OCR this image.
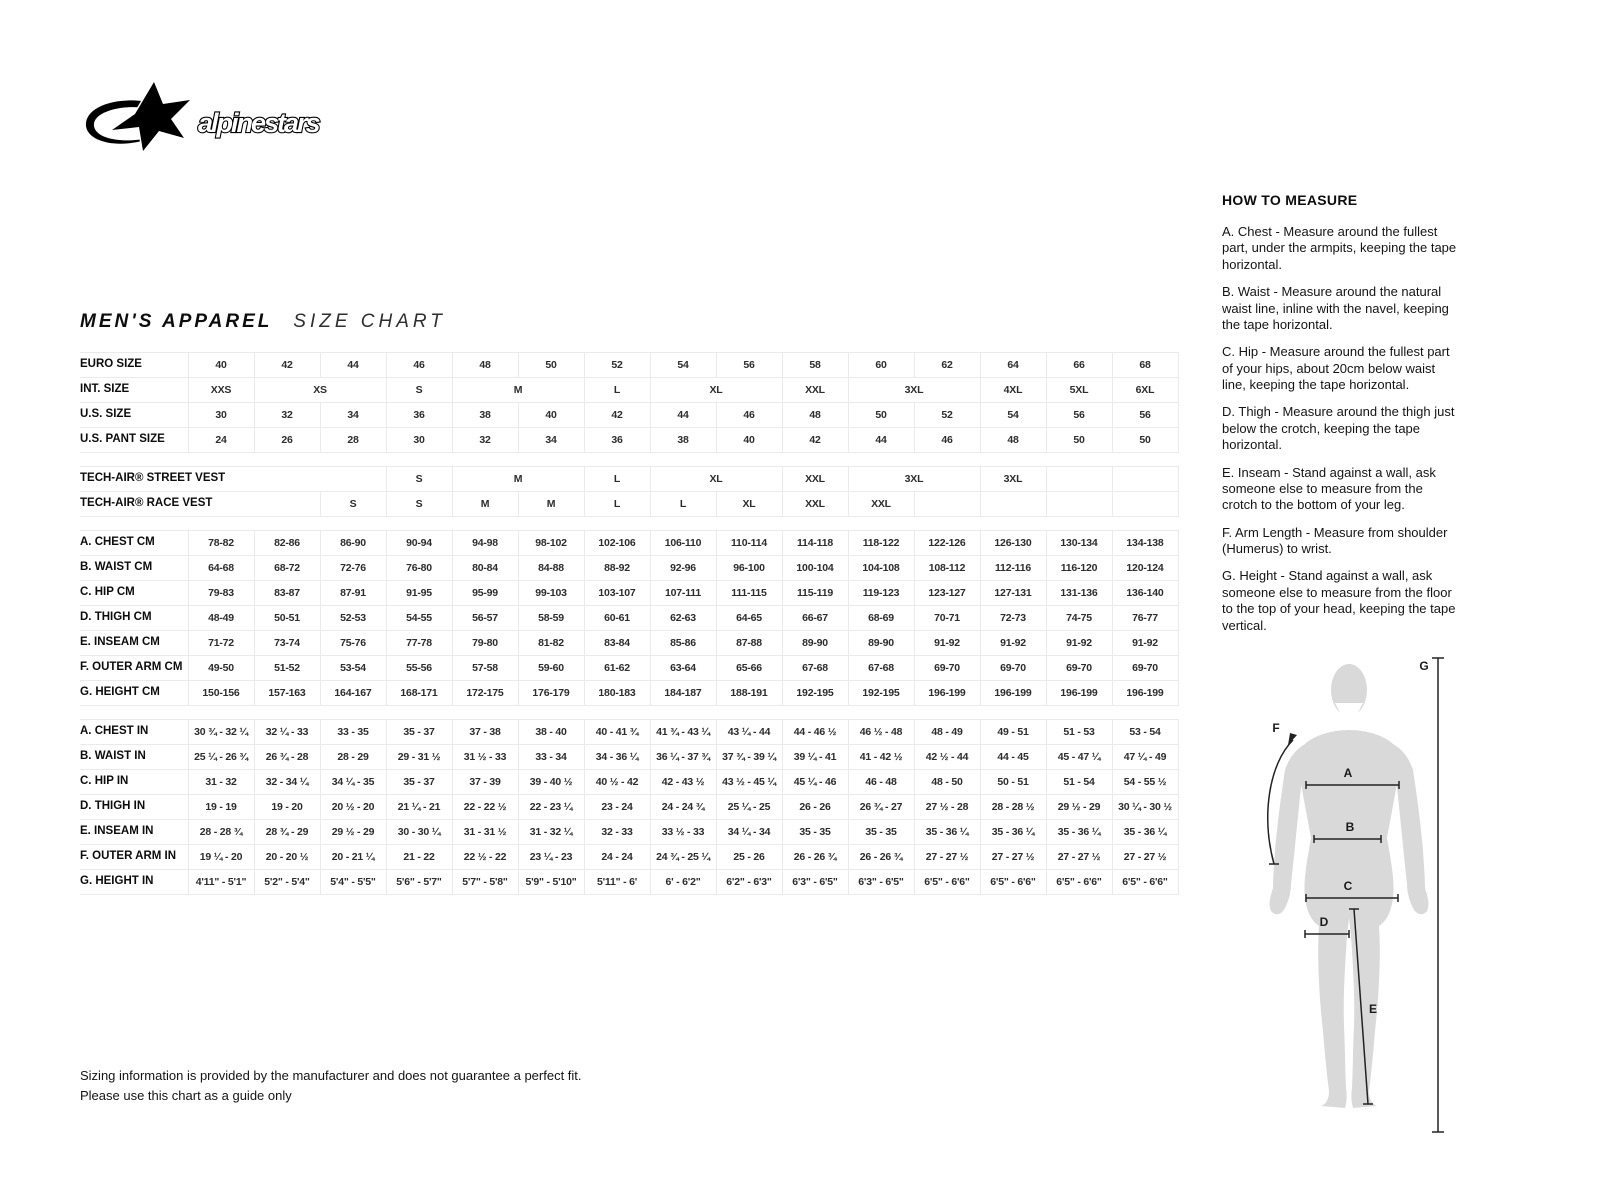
alpinestars
MEN'S APPAREL SIZE CHART
EURO SIZE	40	42	44	46	48	50	52	54	56	58	60	62	64	66	68
INT. SIZE	XXS	XS		S	M		L	XL		XXL	3XL		4XL	5XL	6XL
U.S. SIZE	30	32	34	36	38	40	42	44	46	48	50	52	54	56	56
U.S. PANT SIZE	24	26	28	30	32	34	36	38	40	42	44	46	48	50	50

TECH-AIR® STREET VEST				S	M		L	XL		XXL	3XL		3XL		
TECH-AIR® RACE VEST			S	S	M	M	L	L	XL	XXL	XXL				

A. CHEST CM	78-82	82-86	86-90	90-94	94-98	98-102	102-106	106-110	110-114	114-118	118-122	122-126	126-130	130-134	134-138
B. WAIST CM	64-68	68-72	72-76	76-80	80-84	84-88	88-92	92-96	96-100	100-104	104-108	108-112	112-116	116-120	120-124
C. HIP CM	79-83	83-87	87-91	91-95	95-99	99-103	103-107	107-111	111-115	115-119	119-123	123-127	127-131	131-136	136-140
D. THIGH CM	48-49	50-51	52-53	54-55	56-57	58-59	60-61	62-63	64-65	66-67	68-69	70-71	72-73	74-75	76-77
E. INSEAM CM	71-72	73-74	75-76	77-78	79-80	81-82	83-84	85-86	87-88	89-90	89-90	91-92	91-92	91-92	91-92
F. OUTER ARM CM	49-50	51-52	53-54	55-56	57-58	59-60	61-62	63-64	65-66	67-68	67-68	69-70	69-70	69-70	69-70
G. HEIGHT CM	150-156	157-163	164-167	168-171	172-175	176-179	180-183	184-187	188-191	192-195	192-195	196-199	196-199	196-199	196-199

A. CHEST IN	30 ¾ - 32 ¼	32 ¼ - 33	33 - 35	35 - 37	37 - 38	38 - 40	40 - 41 ¾	41 ¾ - 43 ¼	43 ¼ - 44	44 - 46 ½	46 ½ - 48	48 - 49	49 - 51	51 - 53	53 - 54
B. WAIST IN	25 ¼ - 26 ¾	26 ¾ - 28	28 - 29	29 - 31 ½	31 ½ - 33	33 - 34	34 - 36 ¼	36 ¼ - 37 ¾	37 ¾ - 39 ¼	39 ¼ - 41	41 - 42 ½	42 ½ - 44	44 - 45	45 - 47 ¼	47 ¼ - 49
C. HIP IN	31 - 32	32 - 34 ¼	34 ¼ - 35	35 - 37	37 - 39	39 - 40 ½	40 ½ - 42	42 - 43 ½	43 ½ - 45 ¼	45 ¼ - 46	46 - 48	48 - 50	50 - 51	51 - 54	54 - 55 ½
D. THIGH IN	19 - 19	19 - 20	20 ½ - 20	21 ¼ - 21	22 - 22 ½	22 - 23 ¼	23 - 24	24 - 24 ¾	25 ¼ - 25	26 - 26	26 ¾ - 27	27 ½ - 28	28 - 28 ½	29 ½ - 29	30 ¼ - 30 ½
E. INSEAM IN	28 - 28 ¾	28 ¾ - 29	29 ½ - 29	30 - 30 ¼	31 - 31 ½	31 - 32 ¼	32 - 33	33 ½ - 33	34 ¼ - 34	35 - 35	35 - 35	35 - 36 ¼	35 - 36 ¼	35 - 36 ¼	35 - 36 ¼
F. OUTER ARM IN	19 ¼ - 20	20 - 20 ½	20 - 21 ¼	21 - 22	22 ½ - 22	23 ¼ - 23	24 - 24	24 ¾ - 25 ¼	25 - 26	26 - 26 ¾	26 - 26 ¾	27 - 27 ½	27 - 27 ½	27 - 27 ½	27 - 27 ½
G. HEIGHT IN	4'11" - 5'1"	5'2" - 5'4"	5'4" - 5'5"	5'6" - 5'7"	5'7" - 5'8"	5'9" - 5'10"	5'11" - 6'	6' - 6'2"	6'2" - 6'3"	6'3" - 6'5"	6'3" - 6'5"	6'5" - 6'6"	6'5" - 6'6"	6'5" - 6'6"	6'5" - 6'6"
HOW TO MEASURE

A. Chest - Measure around the fullest part, under the armpits, keeping the tape horizontal.

B. Waist - Measure around the natural waist line, inline with the navel, keeping the tape horizontal.

C. Hip - Measure around the fullest part of your hips, about 20cm below waist line, keeping the tape horizontal.

D. Thigh - Measure around the thigh just below the crotch, keeping the tape horizontal.

E. Inseam - Stand against a wall, ask someone else to measure from the crotch to the bottom of your leg.

F. Arm Length - Measure from shoulder (Humerus) to wrist.

G. Height - Stand against a wall, ask someone else to measure from the floor to the top of your head, keeping the tape vertical.

A
B
C
D
E
F
G

Sizing information is provided by the manufacturer and does not guarantee a perfect fit.

Please use this chart as a guide only
